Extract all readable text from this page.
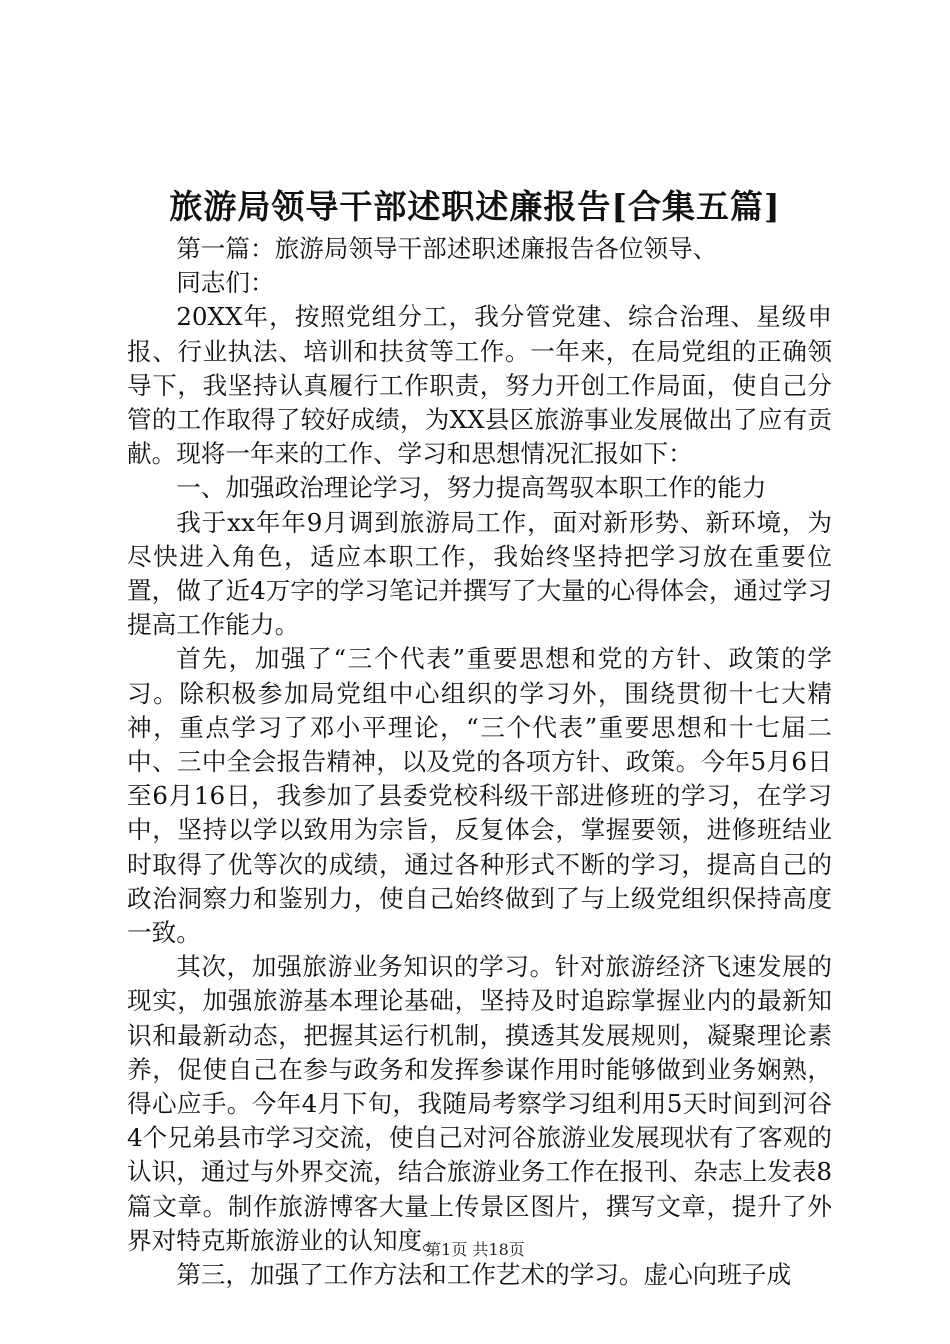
旅游局领导干部述职述廉报告[合集五篇]

第一篇：旅游局领导干部述职述廉报告各位领导、

同志们：

20XX年，按照党组分工，我分管党建、综合治理、星级申报、行业执法、培训和扶贫等工作。一年来，在局党组的正确领导下，我坚持认真履行工作职责，努力开创工作局面，使自己分管的工作取得了较好成绩，为XX县区旅游事业发展做出了应有贡献。现将一年来的工作、学习和思想情况汇报如下：

一、加强政治理论学习，努力提高驾驭本职工作的能力

我于xx年年9月调到旅游局工作，面对新形势、新环境，为尽快进入角色，适应本职工作，我始终坚持把学习放在重要位置，做了近4万字的学习笔记并撰写了大量的心得体会，通过学习提高工作能力。

首先，加强了“三个代表”重要思想和党的方针、政策的学习。除积极参加局党组中心组织的学习外，围绕贯彻十七大精神，重点学习了邓小平理论，“三个代表”重要思想和十七届二中、三中全会报告精神，以及党的各项方针、政策。今年5月6日至6月16日，我参加了县委党校科级干部进修班的学习，在学习中，坚持以学以致用为宗旨，反复体会，掌握要领，进修班结业时取得了优等次的成绩，通过各种形式不断的学习，提高自己的政治洞察力和鉴别力，使自己始终做到了与上级党组织保持高度一致。

其次，加强旅游业务知识的学习。针对旅游经济飞速发展的现实，加强旅游基本理论基础，坚持及时追踪掌握业内的最新知识和最新动态，把握其运行机制，摸透其发展规则，凝聚理论素养，促使自己在参与政务和发挥参谋作用时能够做到业务娴熟，得心应手。今年4月下旬，我随局考察学习组利用5天时间到河谷4个兄弟县市学习交流，使自己对河谷旅游业发展现状有了客观的认识，通过与外界交流，结合旅游业务工作在报刊、杂志上发表8篇文章。制作旅游博客大量上传景区图片，撰写文章，提升了外界对特克斯旅游业的认知度。

第三，加强了工作方法和工作艺术的学习。虚心向班子成

第1页 共18页
